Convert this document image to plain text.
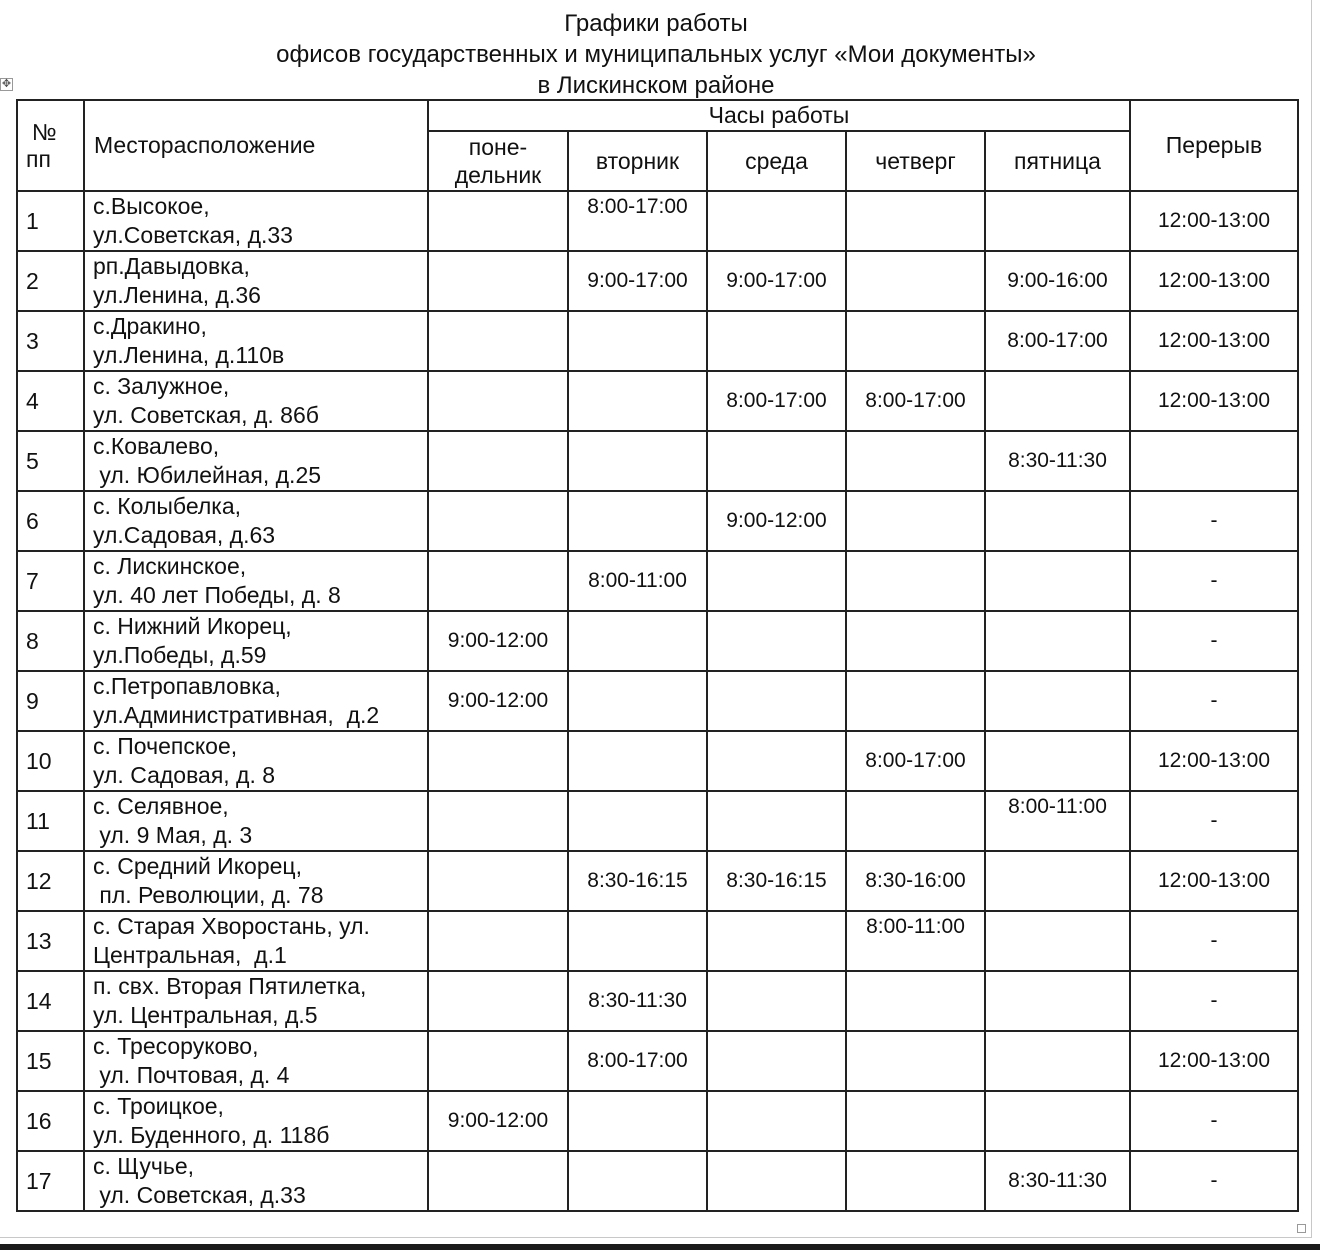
Графики работы
офисов государственных и муниципальных услуг «Мои документы»
в Лискинском районе
✥
№
пп	Месторасположение	Часы работы					Перерыв

		поне-
дельник	вторник	среда	четверг	пятница	
1	с.Высокое,
ул.Советская, д.33		8:00-17:00				12:00-13:00
2	рп.Давыдовка,
ул.Ленина, д.36		9:00-17:00	9:00-17:00		9:00-16:00	12:00-13:00
3	с.Дракино,
ул.Ленина, д.110в					8:00-17:00	12:00-13:00
4	с. Залужное,
ул. Советская, д. 86б			8:00-17:00	8:00-17:00		12:00-13:00
5	с.Ковалево,
ул. Юбилейная, д.25					8:30-11:30	
6	с. Колыбелка,
ул.Садовая, д.63			9:00-12:00			-
7	с. Лискинское,
ул. 40 лет Победы, д. 8		8:00-11:00				-
8	с. Нижний Икорец,
ул.Победы, д.59	9:00-12:00					-
9	с.Петропавловка,
ул.Административная,  д.2	9:00-12:00					-
10	с. Почепское,
ул. Садовая, д. 8				8:00-17:00		12:00-13:00
11	с. Селявное,
ул. 9 Мая, д. 3					8:00-11:00	-
12	с. Средний Икорец,
пл. Революции, д. 78		8:30-16:15	8:30-16:15	8:30-16:00		12:00-13:00
13	с. Старая Хворостань, ул.
Центральная,  д.1				8:00-11:00		-
14	п. свх. Вторая Пятилетка,
ул. Центральная, д.5		8:30-11:30				-
15	с. Тресоруково,
ул. Почтовая, д. 4		8:00-17:00				12:00-13:00
16	с. Троицкое,
ул. Буденного, д. 118б	9:00-12:00					-
17	с. Щучье,
ул. Советская, д.33					8:30-11:30	-
